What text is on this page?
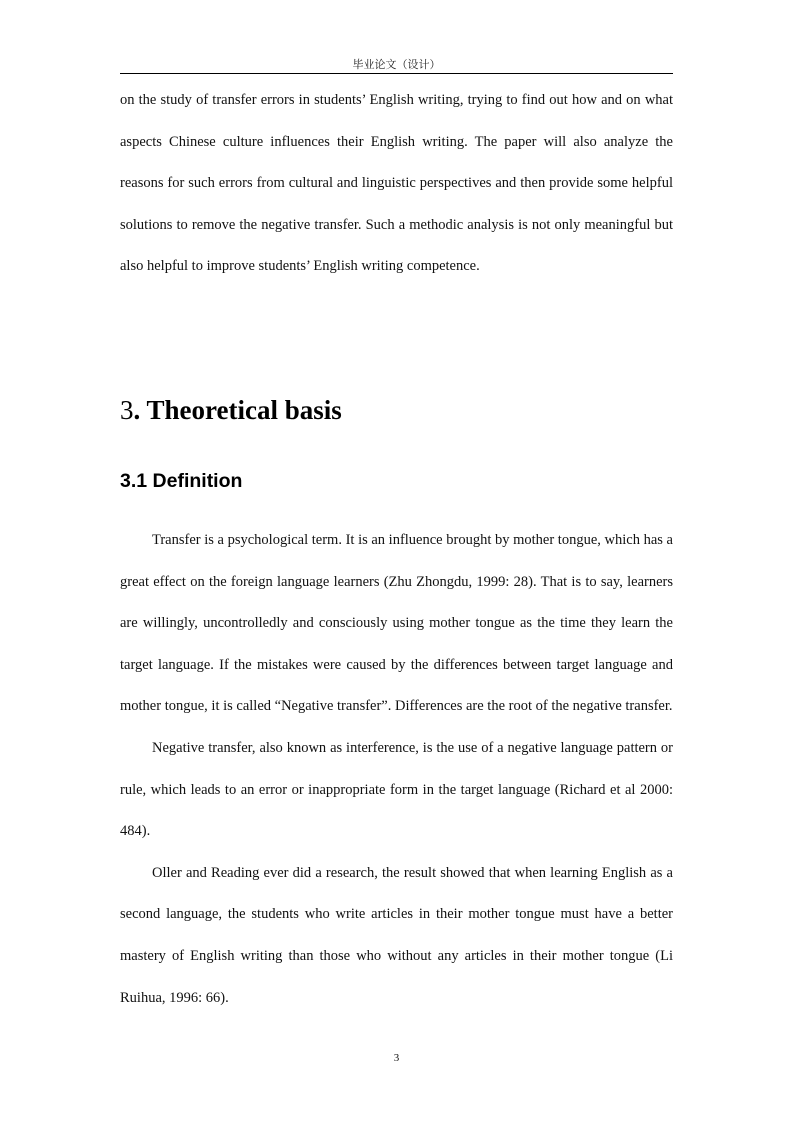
毕业论文（设计）

on the study of transfer errors in students’ English writing, trying to find out how and on what aspects Chinese culture influences their English writing. The paper will also analyze the reasons for such errors from cultural and linguistic perspectives and then provide some helpful solutions to remove the negative transfer. Such a methodic analysis is not only meaningful but also helpful to improve students’ English writing competence.

3. Theoretical basis
3.1 Definition

Transfer is a psychological term. It is an influence brought by mother tongue, which has a great effect on the foreign language learners (Zhu Zhongdu, 1999: 28). That is to say, learners are willingly, uncontrolledly and consciously using mother tongue as the time they learn the target language. If the mistakes were caused by the differences between target language and mother tongue, it is called “Negative transfer”. Differences are the root of the negative transfer.

Negative transfer, also known as interference, is the use of a negative language pattern or rule, which leads to an error or inappropriate form in the target language (Richard et al 2000: 484).

Oller and Reading ever did a research, the result showed that when learning English as a second language, the students who write articles in their mother tongue must have a better mastery of English writing than those who without any articles in their mother tongue (Li Ruihua, 1996: 66).

3
